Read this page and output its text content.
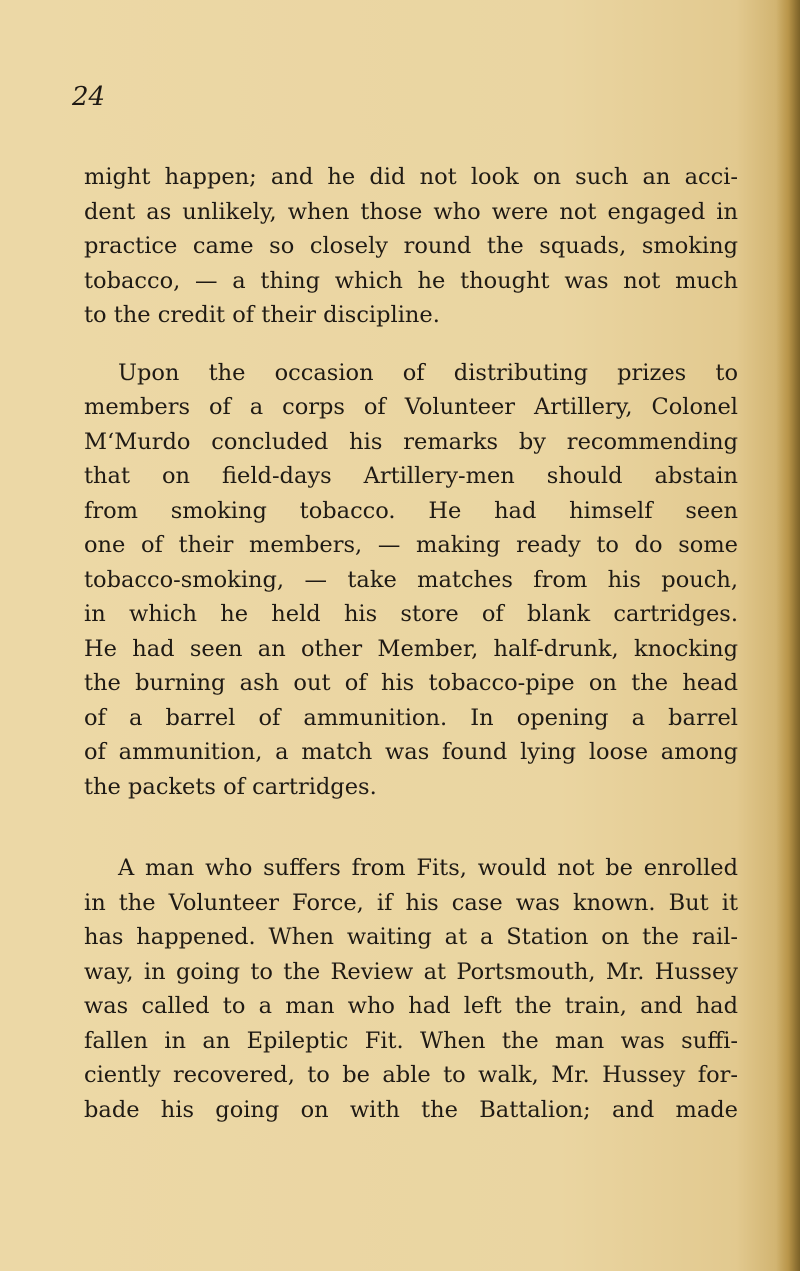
24
might happen; and he did not look on such an acci-
dent as unlikely, when those who were not engaged in
practice came so closely round the squads, smoking
tobacco, — a thing which he thought was not much
to the credit of their discipline.
Upon the occasion of distributing prizes to
members of a corps of Volunteer Artillery, Colonel
M‘Murdo concluded his remarks by recommending
that on field-days Artillery-men should abstain
from smoking tobacco. He had himself seen
one of their members, — making ready to do some
tobacco-smoking, — take matches from his pouch,
in which he held his store of blank cartridges.
He had seen an other Member, half-drunk, knocking
the burning ash out of his tobacco-pipe on the head
of a barrel of ammunition. In opening a barrel
of ammunition, a match was found lying loose among
the packets of cartridges.
A man who suffers from Fits, would not be enrolled
in the Volunteer Force, if his case was known. But it
has happened. When waiting at a Station on the rail-
way, in going to the Review at Portsmouth, Mr. Hussey
was called to a man who had left the train, and had
fallen in an Epileptic Fit. When the man was suffi-
ciently recovered, to be able to walk, Mr. Hussey for-
bade his going on with the Battalion; and made
